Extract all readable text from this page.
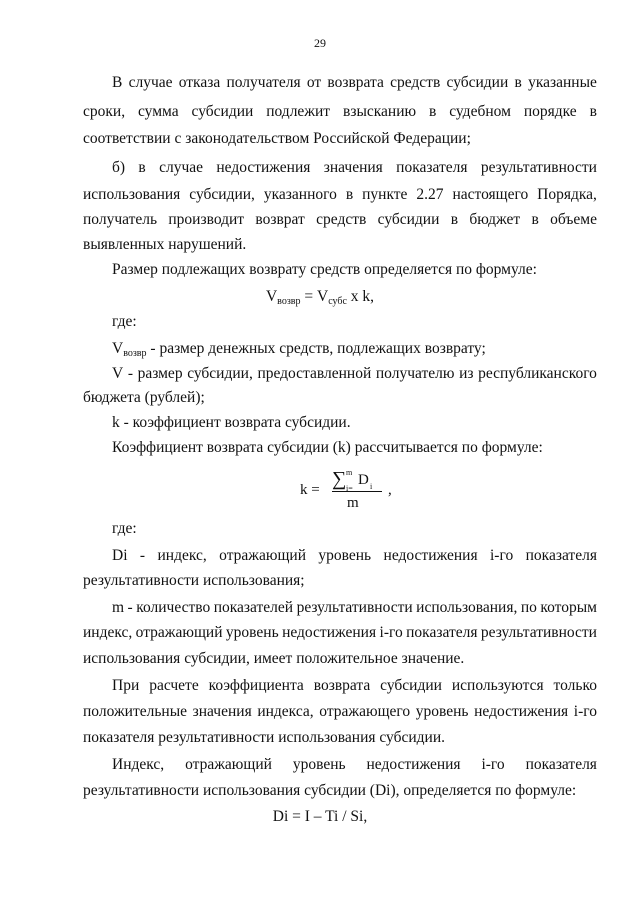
29
В случае отказа получателя от возврата средств субсидии в указанные
сроки, сумма субсидии подлежит взысканию в судебном порядке в
соответствии с законодательством Российской Федерации;
б) в случае недостижения значения показателя результативности
использования субсидии, указанного в пункте 2.27 настоящего Порядка,
получатель производит возврат средств субсидии в бюджет в объеме
выявленных нарушений.
Размер подлежащих возврату средств определяется по формуле:
$V_{возвр} = V_{субс}$ x k,
где:
$V_{возвр}$ - размер денежных средств, подлежащих возврату;
V - размер субсидии, предоставленной получателю из республиканского
бюджета (рублей);
k - коэффициент возврата субсидии.
Коэффициент возврата субсидии (k) рассчитывается по формуле:
k = ∑ m
i=
D i
m
,
где:
Di - индекс, отражающий уровень недостижения i-го показателя
результативности использования;
m - количество показателей результативности использования, по которым
индекс, отражающий уровень недостижения i-го показателя результативности
использования субсидии, имеет положительное значение.
При расчете коэффициента возврата субсидии используются только
положительные значения индекса, отражающего уровень недостижения i-го
показателя результативности использования субсидии.
Индекс, отражающий уровень недостижения i-го показателя
результативности использования субсидии (Di), определяется по формуле:
Di = I – Ti / Si,
